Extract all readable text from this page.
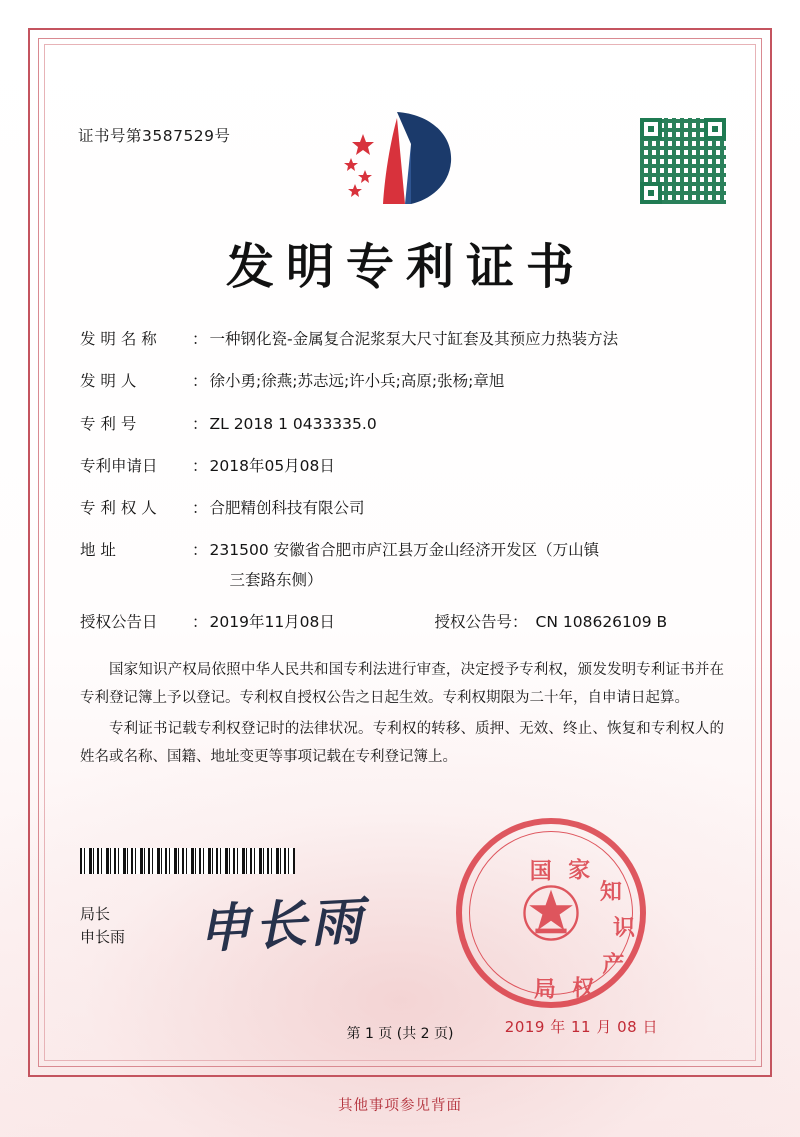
证书号第3587529号
发明专利证书
发 明 名 称	： 一种钢化瓷-金属复合泥浆泵大尺寸缸套及其预应力热装方法
发 明 人	： 徐小勇;徐燕;苏志远;许小兵;高原;张杨;章旭
专 利 号	： ZL 2018 1 0433335.0
专利申请日	： 2018年05月08日
专 利 权 人	： 合肥精创科技有限公司
地 址	： 231500 安徽省合肥市庐江县万金山经济开发区（万山镇
三套路东侧）
授权公告日	： 2019年11月08日	授权公告号： CN 108626109 B

国家知识产权局依照中华人民共和国专利法进行审查，决定授予专利权，颁发发明专利证书并在专利登记簿上予以登记。专利权自授权公告之日起生效。专利权期限为二十年，自申请日起算。

专利证书记载专利权登记时的法律状况。专利权的转移、质押、无效、终止、恢复和专利权人的姓名或名称、国籍、地址变更等事项记载在专利登记簿上。

局长
申长雨 申长雨
国 家
知
识
产
权
局
2019 年 11 月 08 日
第 1 页 (共 2 页)
其他事项参见背面
